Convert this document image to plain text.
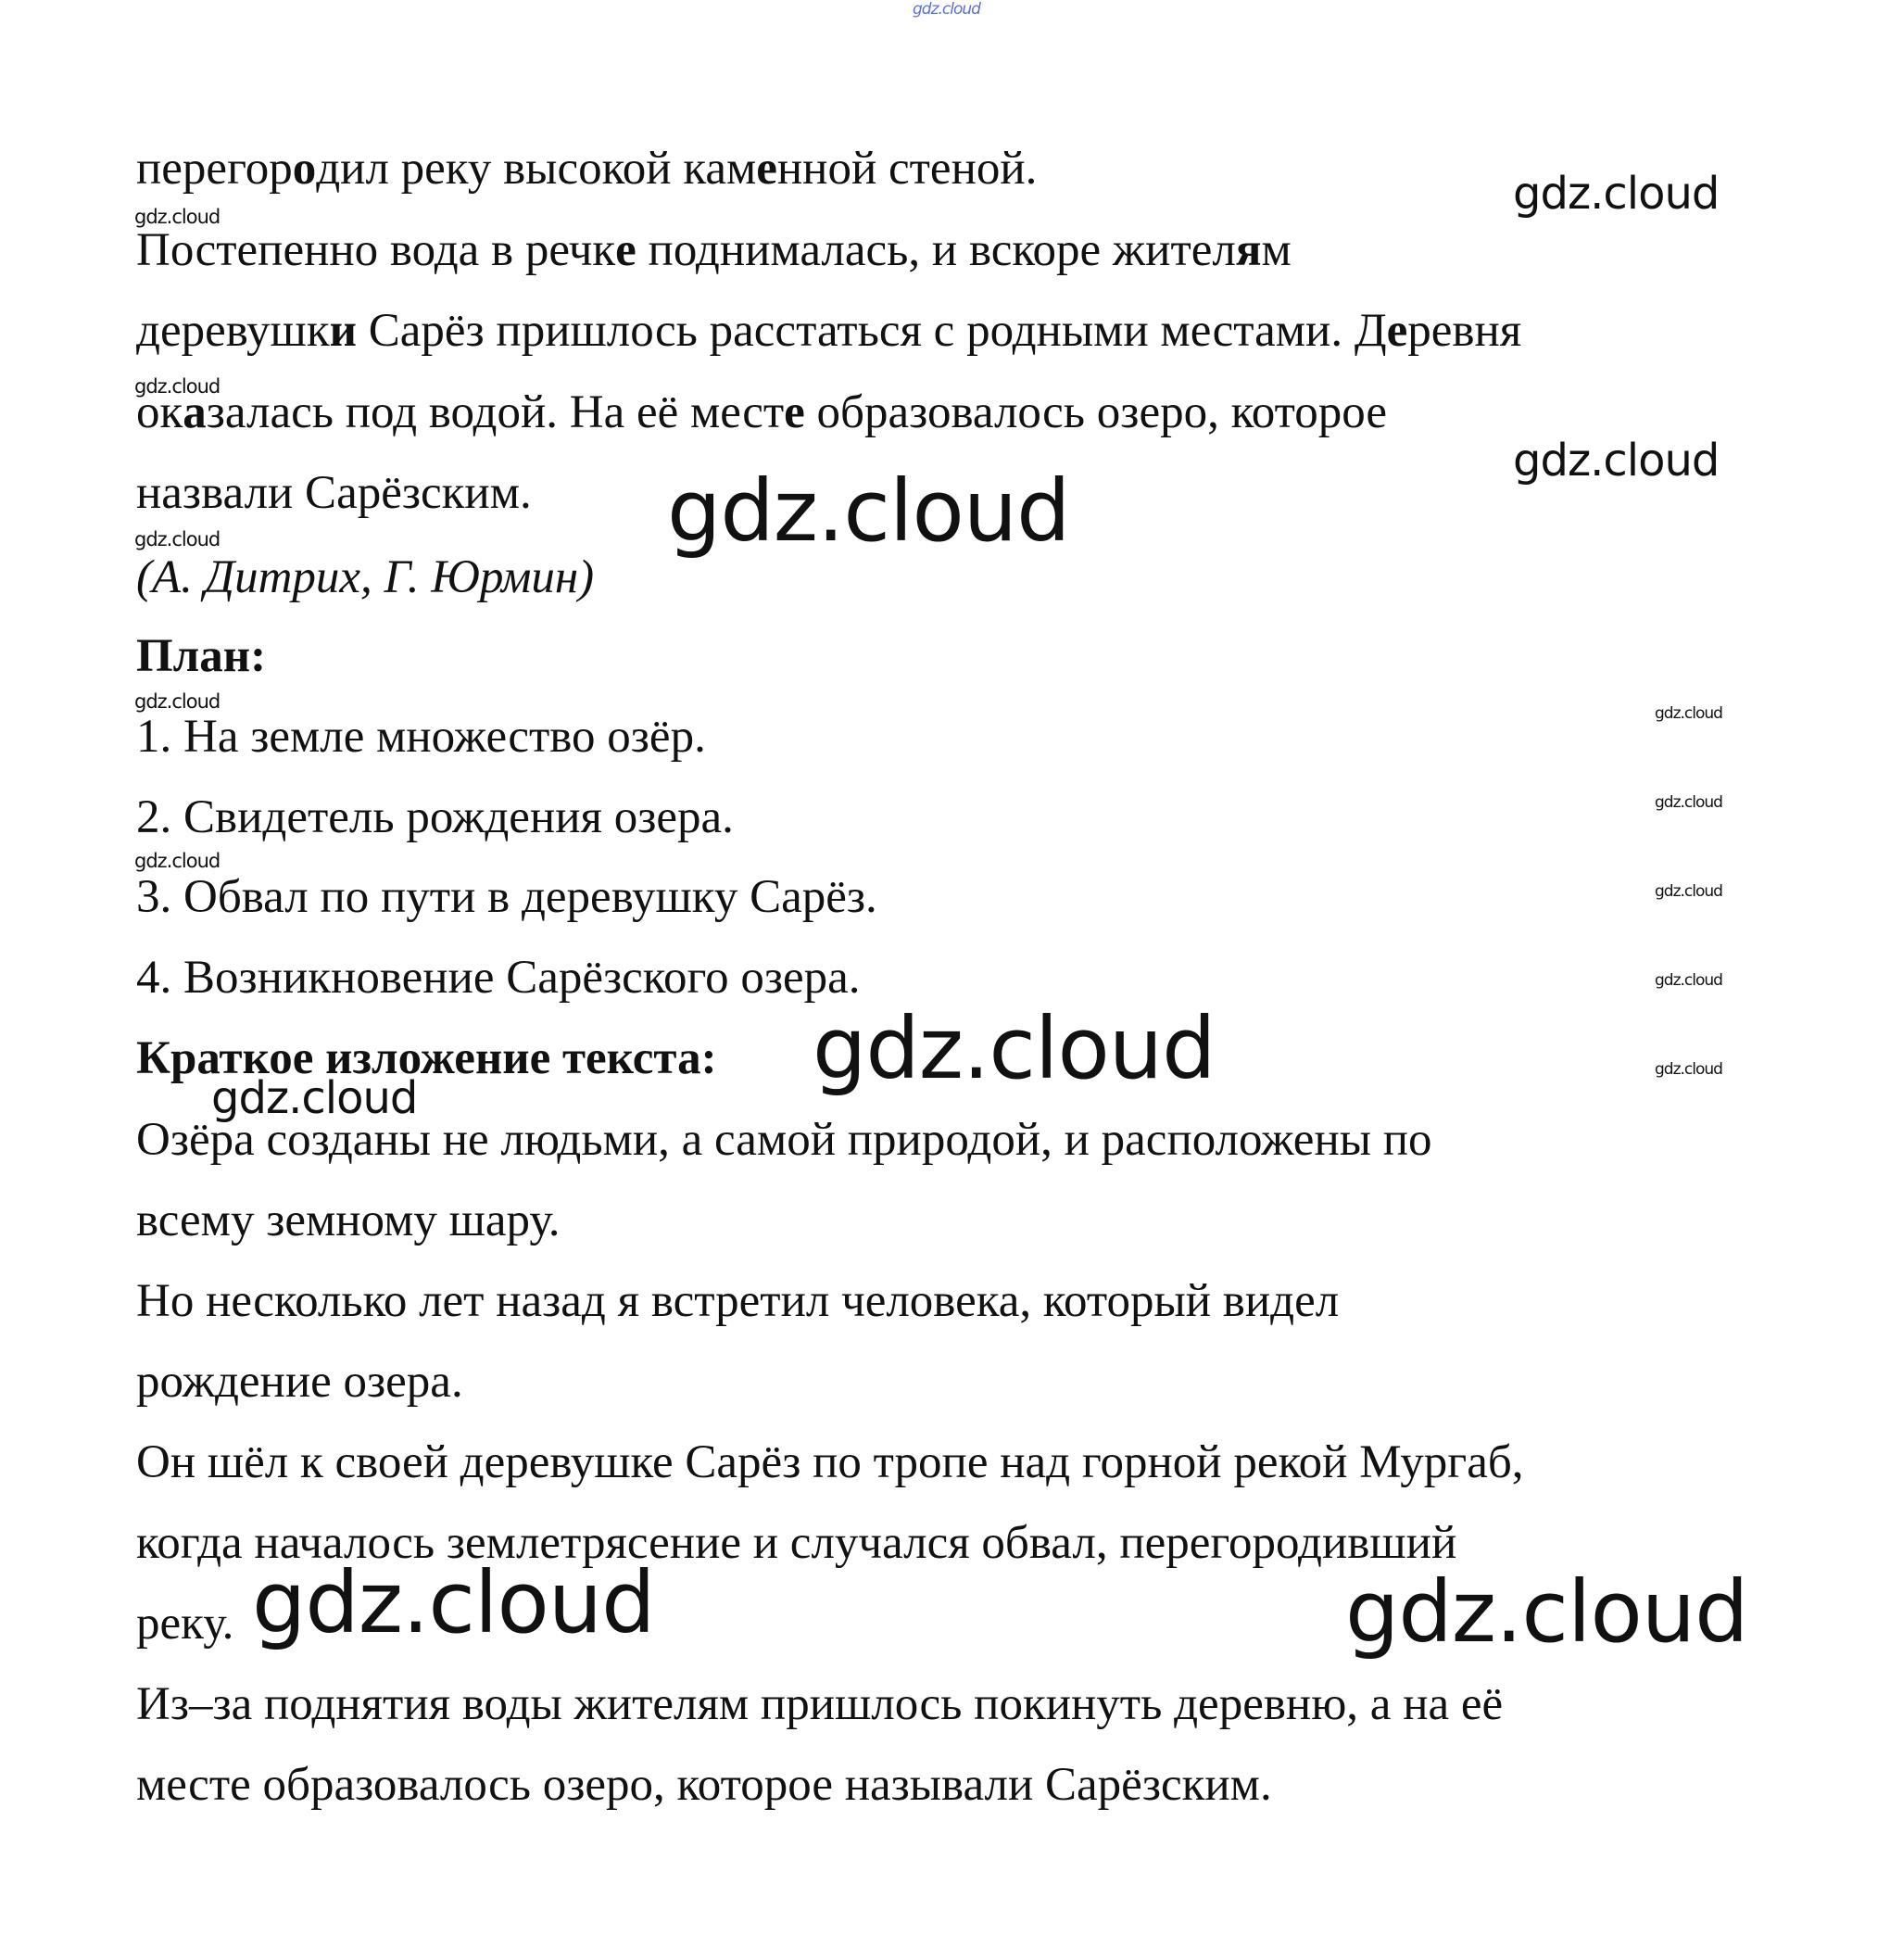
gdz.cloud
перегородил реку высокой каменной стеной.	gdz.cloud
gdz.cloud
Постепенно вода в речке поднималась, и вскоре жителям
деревушки Сарёз пришлось расстаться с родными местами. Деревня
gdz.cloud
оказалась под водой. На её месте образовалось озеро, которое
gdz.cloud
назвали Сарёзским. gdz.cloud
gdz.cloud
(А. Дитрих, Г. Юрмин)
План:
gdz.cloud
1. На земле множество озёр.	gdz.cloud
2. Свидетель рождения озера.	gdz.cloud
gdz.cloud
3. Обвал по пути в деревушку Сарёз.	gdz.cloud
4. Возникновение Сарёзского озера.	gdz.cloud
Краткое изложение текста: gdz.cloud	gdz.cloud
gdz.cloud
Озёра созданы не людьми, а самой природой, и расположены по
всему земному шару.
Но несколько лет назад я встретил человека, который видел
рождение озера.
Он шёл к своей деревушке Сарёз по тропе над горной рекой Мургаб,
когда началось землетрясение и случался обвал, перегородивший
реку. gdz.cloud	gdz.cloud
Из–за поднятия воды жителям пришлось покинуть деревню, а на её
месте образовалось озеро, которое называли Сарёзским.
